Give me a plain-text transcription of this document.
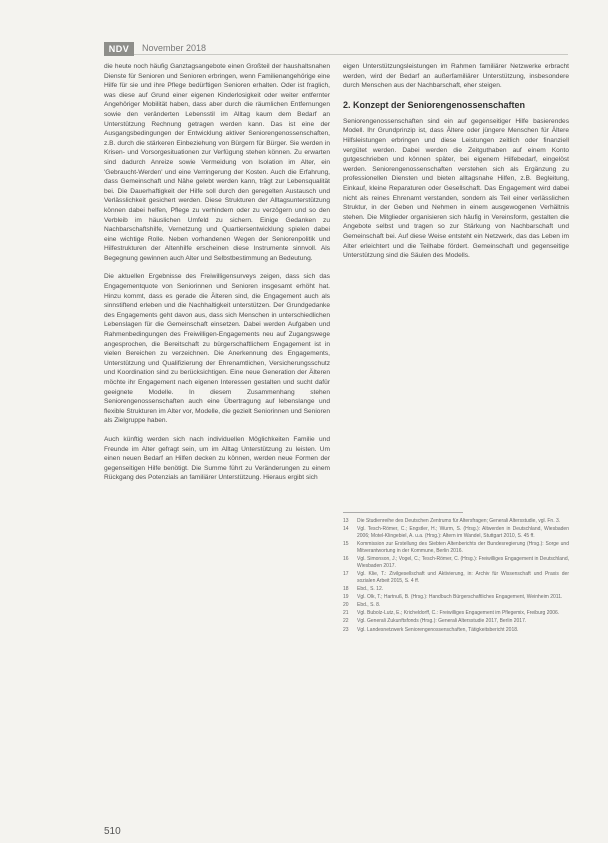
NDV	November 2018

die heute noch häufig Ganztagsangebote einen Großteil der haushaltsnahen Dienste für Senioren und Senioren erbringen, wenn Familienangehörige eine Hilfe für sie und ihre Pflege bedürftigen Senioren erhalten. Oder ist fraglich, was diese auf Grund einer eigenen Kinderlosigkeit oder weiter entfernter Angehöriger Mobilität haben, dass aber durch die räumlichen Entfernungen sowie den veränderten Lebensstil im Alltag kaum dem Bedarf an Unterstützung Rechnung getragen werden kann. Das ist eine der Ausgangsbedingungen der Entwicklung aktiver Seniorengenossenschaften, z.B. durch die stärkeren Einbeziehung von Bürgern für Bürger. Sie werden in Krisen- und Vorsorgesituationen zur Verfügung stehen können. Zu erwarten sind dadurch Anreize sowie Vermeidung von Isolation im Alter, ein 'Gebraucht-Werden' und eine Verringerung der Kosten. Auch die Erfahrung, dass Gemeinschaft und Nähe gelebt werden kann, trägt zur Lebensqualität bei. Die Dauerhaftigkeit der Hilfe soll durch den geregelten Austausch und Verlässlichkeit gesichert werden. Diese Strukturen der Alltagsunterstützung können dabei helfen, Pflege zu verhindern oder zu verzögern und so den Verbleib im häuslichen Umfeld zu sichern. Einige Gedanken zu Nachbarschaftshilfe, Vernetzung und Quartiersentwicklung spielen dabei eine wichtige Rolle. Neben vorhandenen Wegen der Seniorenpolitik und Hilfestrukturen der Altenhilfe erscheinen diese Instrumente sinnvoll. Als Begegnung gewinnen auch Alter und Selbstbestimmung an Bedeutung.

Die aktuellen Ergebnisse des Freiwilligensurveys zeigen, dass sich das Engagementquote von Seniorinnen und Senioren insgesamt erhöht hat. Hinzu kommt, dass es gerade die Älteren sind, die Engagement auch als sinnstiftend erleben und die Nachhaltigkeit unterstützen. Der Grundgedanke des Engagements geht davon aus, dass sich Menschen in unterschiedlichen Lebenslagen für die Gemeinschaft einsetzen. Dabei werden Aufgaben und Rahmenbedingungen des Freiwilligen-Engagements neu auf Zugangswege angesprochen, die Bereitschaft zu bürgerschaftlichem Engagement ist in vielen Bereichen zu verzeichnen. Die Anerkennung des Engagements, Unterstützung und Qualifizierung der Ehrenamtlichen, Versicherungsschutz und Koordination sind zu berücksichtigen. Eine neue Generation der Älteren möchte ihr Engagement nach eigenen Interessen gestalten und sucht dafür geeignete Modelle. In diesem Zusammenhang stehen Seniorengenossenschaften auch eine Übertragung auf lebenslange und flexible Strukturen im Alter vor, Modelle, die gezielt Seniorinnen und Senioren als Zielgruppe haben.

Auch künftig werden sich nach individuellen Möglichkeiten Familie und Freunde im Alter gefragt sein, um im Alltag Unterstützung zu leisten. Um einen neuen Bedarf an Hilfen decken zu können, werden neue Formen der gegenseitigen Hilfe benötigt. Die Summe führt zu Veränderungen zu einem Rückgang des Potenzials an familiärer Unterstützung. Hieraus ergibt sich

eigen Unterstützungsleistungen im Rahmen familiärer Netzwerke erbracht werden, wird der Bedarf an außerfamiliärer Unterstützung, insbesondere durch Menschen aus der Nachbarschaft, eher steigen.

2. Konzept der Seniorengenossenschaften

Seniorengenossenschaften sind ein auf gegenseitiger Hilfe basierendes Modell. Ihr Grundprinzip ist, dass Ältere oder jüngere Menschen für Ältere Hilfsleistungen erbringen und diese Leistungen zeitlich oder finanziell vergütet werden. Dabei werden die Zeitguthaben auf einem Konto gutgeschrieben und können später, bei eigenem Hilfebedarf, eingelöst werden. Seniorengenossenschaften verstehen sich als Ergänzung zu professionellen Diensten und bieten alltagsnahe Hilfen, z.B. Begleitung, Einkauf, kleine Reparaturen oder Gesellschaft. Das Engagement wird dabei nicht als reines Ehrenamt verstanden, sondern als Teil einer verlässlichen Struktur, in der Geben und Nehmen in einem ausgewogenen Verhältnis stehen. Die Mitglieder organisieren sich häufig in Vereinsform, gestalten die Angebote selbst und tragen so zur Stärkung von Nachbarschaft und Gemeinschaft bei. Auf diese Weise entsteht ein Netzwerk, das das Leben im Alter erleichtert und die Teilhabe fördert. Gemeinschaft und gegenseitige Unterstützung sind die Säulen des Modells.

13	Die Studienreihe des Deutschen Zentrums für Altersfragen; Generali Altersstudie, vgl. Fn. 3.
14	Vgl. Tesch-Römer, C.; Engstler, H.; Wurm, S. (Hrsg.): Altwerden in Deutschland, Wiesbaden 2006; Motel-Klingebiel, A. u.a. (Hrsg.): Altern im Wandel, Stuttgart 2010, S. 45 ff.
15	Kommission zur Erstellung des Siebten Altenberichts der Bundesregierung (Hrsg.): Sorge und Mitverantwortung in der Kommune, Berlin 2016.
16	Vgl. Simonson, J.; Vogel, C.; Tesch-Römer, C. (Hrsg.): Freiwilliges Engagement in Deutschland, Wiesbaden 2017.
17	Vgl. Klie, T.: Zivilgesellschaft und Aktivierung, in: Archiv für Wissenschaft und Praxis der sozialen Arbeit 2015, S. 4 ff.
18	Ebd., S. 12.
19	Vgl. Olk, T.; Hartnuß, B. (Hrsg.): Handbuch Bürgerschaftliches Engagement, Weinheim 2011.
20	Ebd., S. 8.
21	Vgl. Bubolz-Lutz, E.; Kricheldorff, C.: Freiwilliges Engagement im Pflegemix, Freiburg 2006.
22	Vgl. Generali Zukunftsfonds (Hrsg.): Generali Altersstudie 2017, Berlin 2017.
23	Vgl. Landesnetzwerk Seniorengenossenschaften, Tätigkeitsbericht 2018.
510
